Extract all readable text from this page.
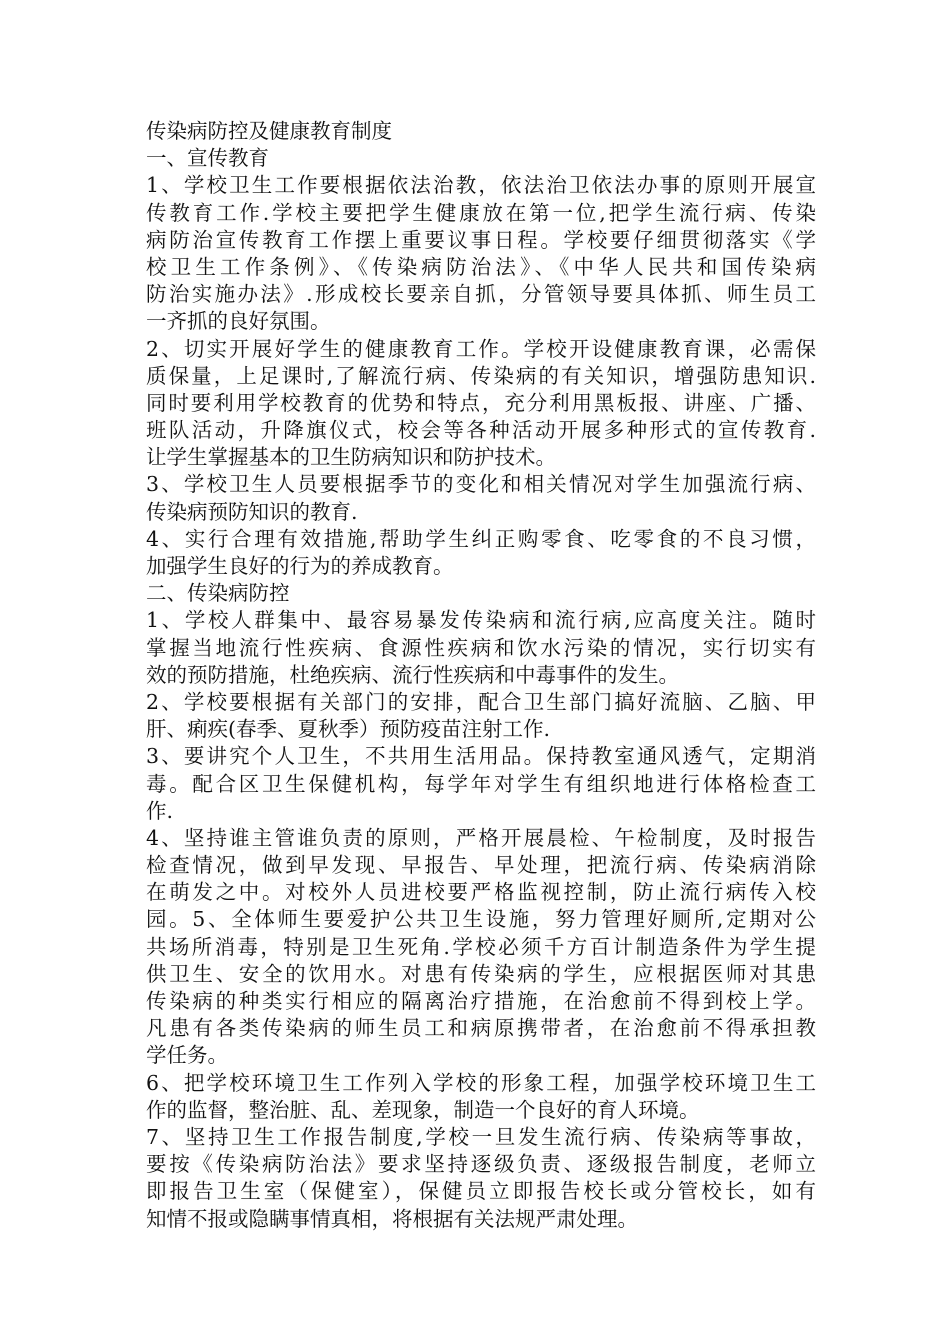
传染病防控及健康教育制度
一、宣传教育
1、学校卫生工作要根据依法治教，依法治卫依法办事的原则开展宣
传教育工作.学校主要把学生健康放在第一位,把学生流行病、传染
病防治宣传教育工作摆上重要议事日程。学校要仔细贯彻落实《学
校卫生工作条例》、《传染病防治法》、《中华人民共和国传染病
防治实施办法》.形成校长要亲自抓，分管领导要具体抓、师生员工
一齐抓的良好氛围。
2、切实开展好学生的健康教育工作。学校开设健康教育课，必需保
质保量，上足课时,了解流行病、传染病的有关知识，增强防患知识.
同时要利用学校教育的优势和特点，充分利用黑板报、讲座、广播、
班队活动，升降旗仪式，校会等各种活动开展多种形式的宣传教育.
让学生掌握基本的卫生防病知识和防护技术。
3、学校卫生人员要根据季节的变化和相关情况对学生加强流行病、
传染病预防知识的教育.
4、实行合理有效措施,帮助学生纠正购零食、吃零食的不良习惯，
加强学生良好的行为的养成教育。
二、传染病防控
1、学校人群集中、最容易暴发传染病和流行病,应高度关注。随时
掌握当地流行性疾病、食源性疾病和饮水污染的情况，实行切实有
效的预防措施，杜绝疾病、流行性疾病和中毒事件的发生。
2、学校要根据有关部门的安排，配合卫生部门搞好流脑、乙脑、甲
肝、痢疾(春季、夏秋季）预防疫苗注射工作.
3、要讲究个人卫生，不共用生活用品。保持教室通风透气，定期消
毒。配合区卫生保健机构，每学年对学生有组织地进行体格检查工
作.
4、坚持谁主管谁负责的原则，严格开展晨检、午检制度，及时报告
检查情况，做到早发现、早报告、早处理，把流行病、传染病消除
在萌发之中。对校外人员进校要严格监视控制，防止流行病传入校
园。5、全体师生要爱护公共卫生设施，努力管理好厕所,定期对公
共场所消毒，特别是卫生死角.学校必须千方百计制造条件为学生提
供卫生、安全的饮用水。对患有传染病的学生，应根据医师对其患
传染病的种类实行相应的隔离治疗措施，在治愈前不得到校上学。
凡患有各类传染病的师生员工和病原携带者，在治愈前不得承担教
学任务。
6、把学校环境卫生工作列入学校的形象工程，加强学校环境卫生工
作的监督，整治脏、乱、差现象，制造一个良好的育人环境。
7、坚持卫生工作报告制度,学校一旦发生流行病、传染病等事故，
要按《传染病防治法》要求坚持逐级负责、逐级报告制度，老师立
即报告卫生室（保健室），保健员立即报告校长或分管校长，如有
知情不报或隐瞒事情真相，将根据有关法规严肃处理。
